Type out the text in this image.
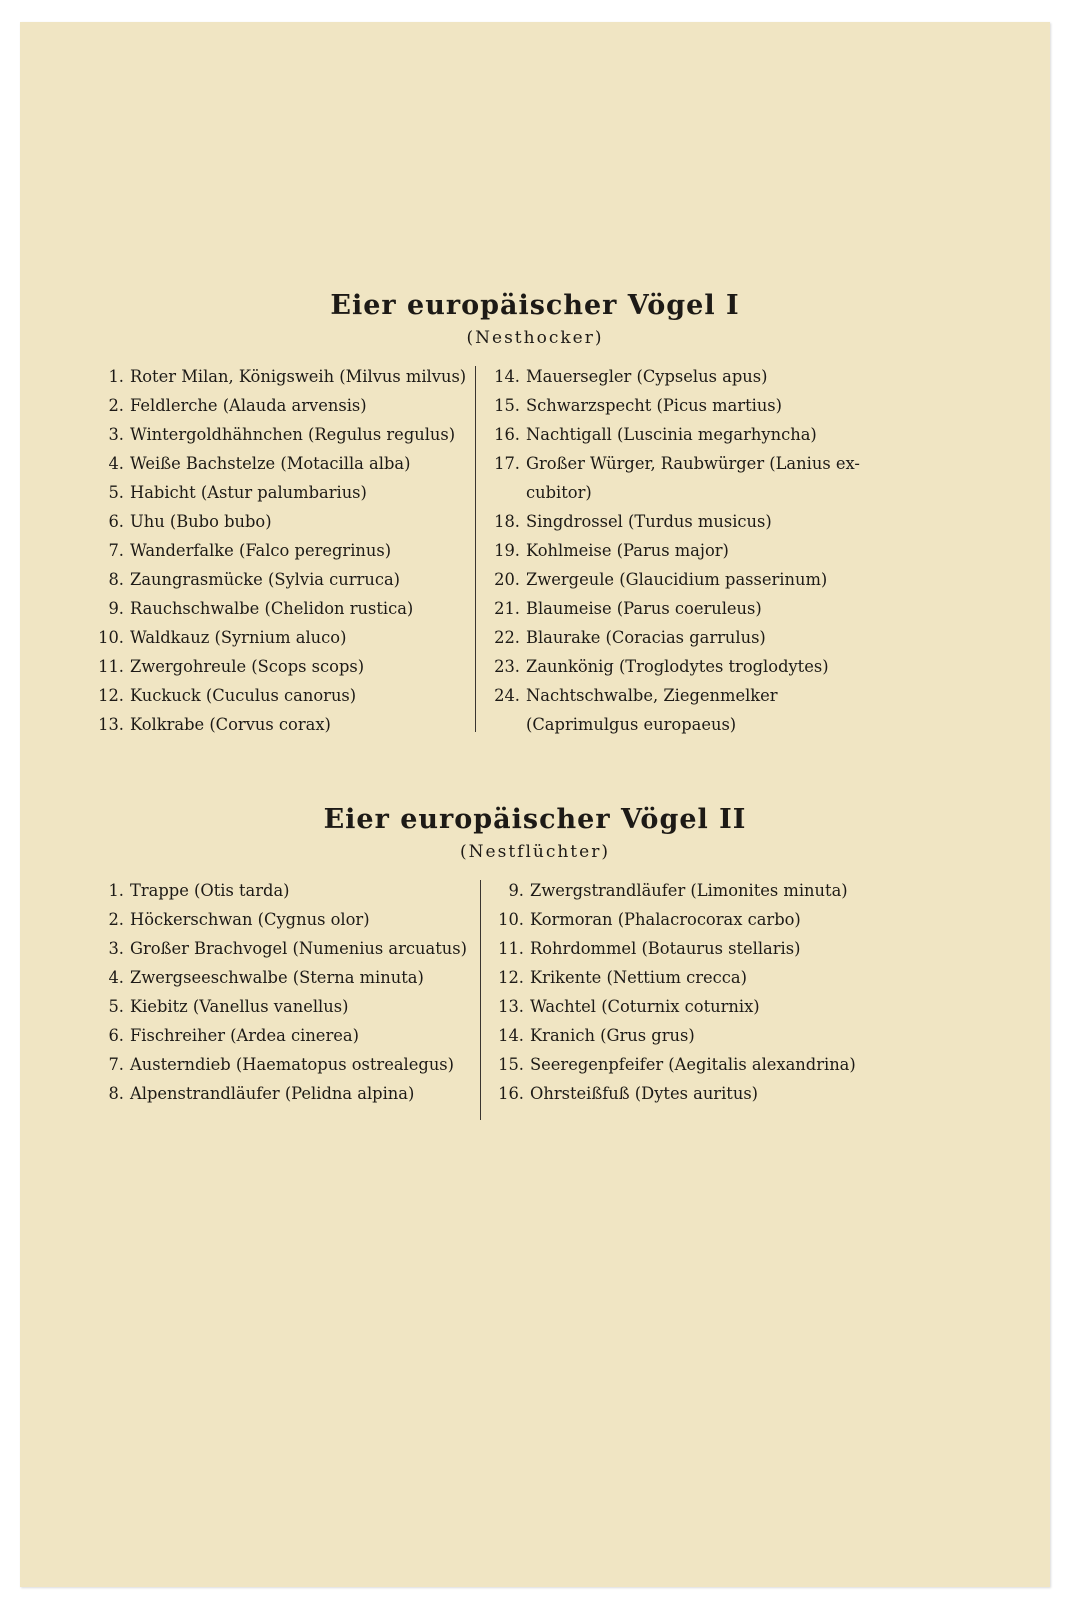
Eier europäischer Vögel I
(Nesthocker)
1. Roter Milan, Königsweih (Milvus milvus)
2. Feldlerche (Alauda arvensis)
3. Wintergoldhähnchen (Regulus regulus)
4. Weiße Bachstelze (Motacilla alba)
5. Habicht (Astur palumbarius)
6. Uhu (Bubo bubo)
7. Wanderfalke (Falco peregrinus)
8. Zaungrasmücke (Sylvia curruca)
9. Rauchschwalbe (Chelidon rustica)
10. Waldkauz (Syrnium aluco)
11. Zwergohreule (Scops scops)
12. Kuckuck (Cuculus canorus)
13. Kolkrabe (Corvus corax)
14. Mauersegler (Cypselus apus)
15. Schwarzspecht (Picus martius)
16. Nachtigall (Luscinia megarhyncha)
17. Großer Würger, Raubwürger (Lanius ex-cubitor)
18. Singdrossel (Turdus musicus)
19. Kohlmeise (Parus major)
20. Zwergeule (Glaucidium passerinum)
21. Blaumeise (Parus coeruleus)
22. Blaurake (Coracias garrulus)
23. Zaunkönig (Troglodytes troglodytes)
24. Nachtschwalbe, Ziegenmelker (Caprimulgus europaeus)
Eier europäischer Vögel II
(Nestflüchter)
1. Trappe (Otis tarda)
2. Höckerschwan (Cygnus olor)
3. Großer Brachvogel (Numenius arcuatus)
4. Zwergseeschwalbe (Sterna minuta)
5. Kiebitz (Vanellus vanellus)
6. Fischreiher (Ardea cinerea)
7. Austerndieb (Haematopus ostrealegus)
8. Alpenstrandläufer (Pelidna alpina)
9. Zwergstrandläufer (Limonites minuta)
10. Kormoran (Phalacrocorax carbo)
11. Rohrdommel (Botaurus stellaris)
12. Krikente (Nettium crecca)
13. Wachtel (Coturnix coturnix)
14. Kranich (Grus grus)
15. Seeregenpfeifer (Aegitalis alexandrina)
16. Ohrsteißfuß (Dytes auritus)
